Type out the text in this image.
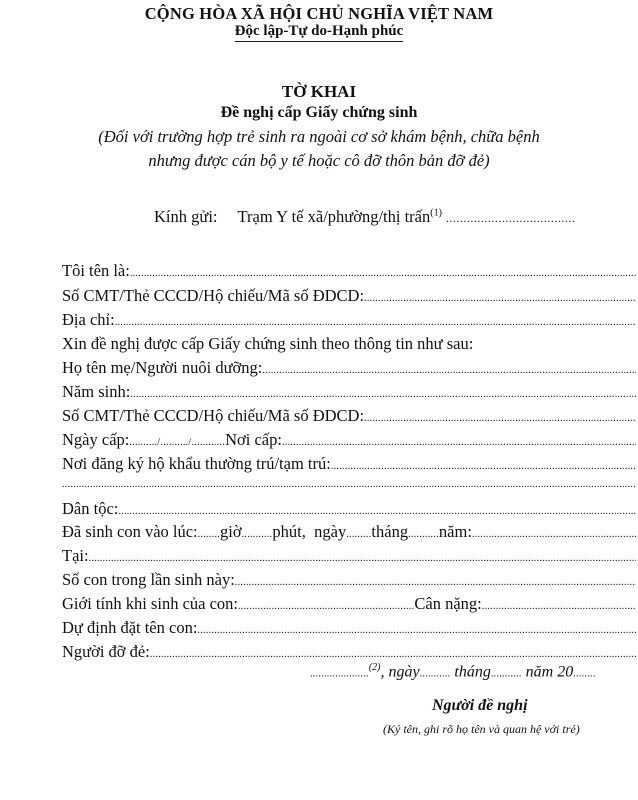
CỘNG HÒA XÃ HỘI CHỦ NGHĨA VIỆT NAM
Độc lập-Tự do-Hạnh phúc
TỜ KHAI
Đề nghị cấp Giấy chứng sinh
(Đối với trường hợp trẻ sinh ra ngoài cơ sở khám bệnh, chữa bệnh
nhưng được cán bộ y tế hoặc cô đỡ thôn bản đỡ đẻ)
Kính gửi: Trạm Y tế xã/phường/thị trấn$^{(1)}$ .....................................
Tôi tên là:
.....
Số CMT/Thẻ CCCD/Hộ chiếu/Mã số ĐDCD:
.....
Địa chỉ:
.....
Xin đề nghị được cấp Giấy chứng sinh theo thông tin như sau:
Họ tên mẹ/Người nuôi dưỡng:
.....
Năm sinh:
.....
Số CMT/Thẻ CCCD/Hộ chiếu/Mã số ĐDCD:
.....
Ngày cấp: ........../........../............ Nơi cấp:
.....
Nơi đăng ký hộ khẩu thường trú/tạm trú:
.....
.....
Dân tộc:
.....
Đã sinh con vào lúc: ........ giờ ........... phút,
ngày ......... tháng ........... năm:
.....
Tại:
.....
Số con trong lần sinh này:
.....
Giới tính khi sinh của con: ............................................................... Cân nặng:
.....
Dự định đặt tên con:
.....
Người đỡ đẻ:
.....
.....................$^{(2)}$, ngày........... tháng........... năm 20........
Người đề nghị
(Ký tên, ghi rõ họ tên và quan hệ với trẻ)
